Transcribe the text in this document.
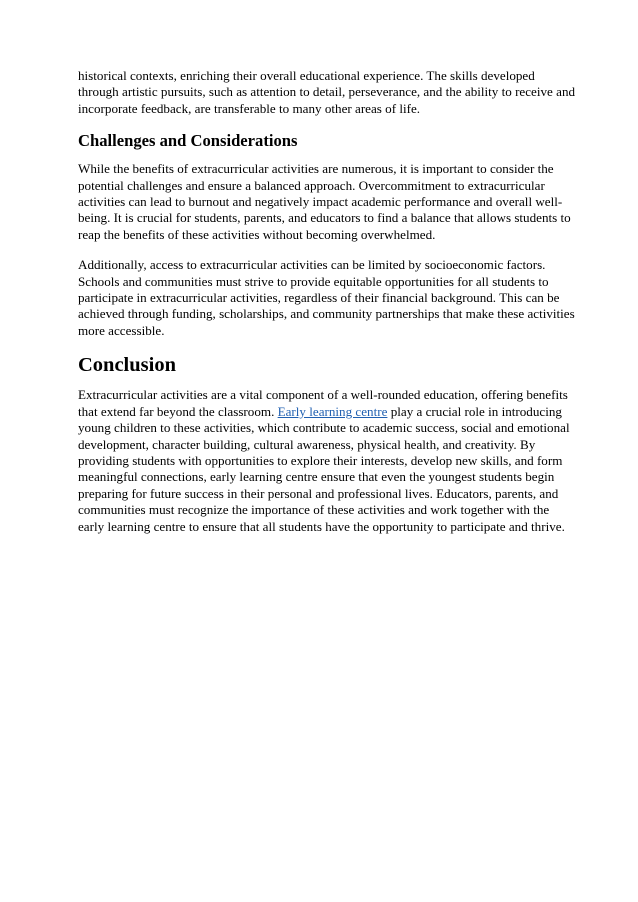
historical contexts, enriching their overall educational experience. The skills developed through artistic pursuits, such as attention to detail, perseverance, and the ability to receive and incorporate feedback, are transferable to many other areas of life.

Challenges and Considerations

While the benefits of extracurricular activities are numerous, it is important to consider the potential challenges and ensure a balanced approach. Overcommitment to extracurricular activities can lead to burnout and negatively impact academic performance and overall well-being. It is crucial for students, parents, and educators to find a balance that allows students to reap the benefits of these activities without becoming overwhelmed.

Additionally, access to extracurricular activities can be limited by socioeconomic factors. Schools and communities must strive to provide equitable opportunities for all students to participate in extracurricular activities, regardless of their financial background. This can be achieved through funding, scholarships, and community partnerships that make these activities more accessible.

Conclusion

Extracurricular activities are a vital component of a well-rounded education, offering benefits that extend far beyond the classroom. Early learning centre play a crucial role in introducing young children to these activities, which contribute to academic success, social and emotional development, character building, cultural awareness, physical health, and creativity. By providing students with opportunities to explore their interests, develop new skills, and form meaningful connections, early learning centre ensure that even the youngest students begin preparing for future success in their personal and professional lives. Educators, parents, and communities must recognize the importance of these activities and work together with the early learning centre to ensure that all students have the opportunity to participate and thrive.
